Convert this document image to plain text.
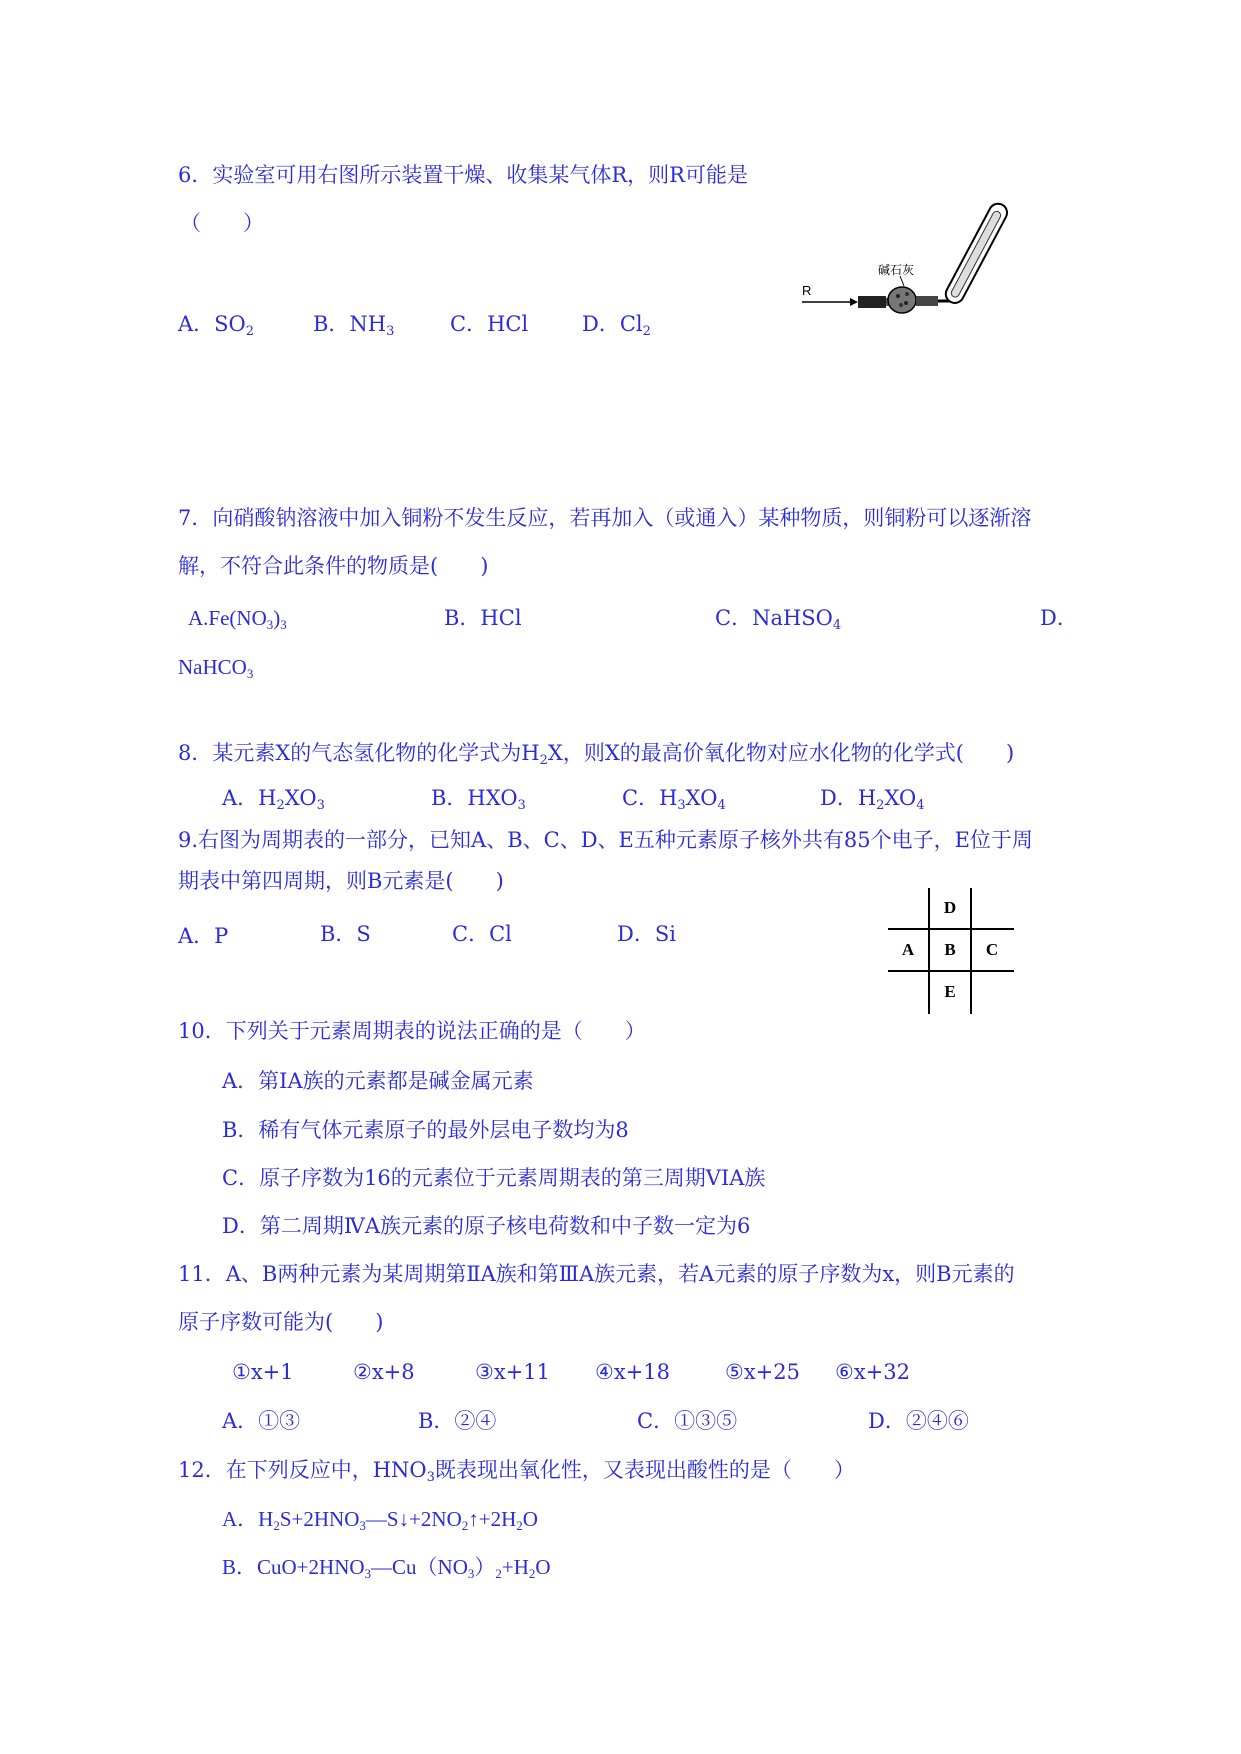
6．实验室可用右图所示装置干燥、收集某气体R，则R可能是
（　　）
A．$SO_2$	B．$NH_3$	C．HCl	D．$Cl_2$
R
碱石灰
7．向硝酸钠溶液中加入铜粉不发生反应，若再加入（或通入）某种物质，则铜粉可以逐渐溶
解，不符合此条件的物质是(　　)
$A.Fe(NO_3)_3$	B．HCl	C．NaHSO$_4$	D．
NaHCO$_3$
8．某元素X的气态氢化物的化学式为$H_2X$，则X的最高价氧化物对应水化物的化学式(　　)
A．$H_2XO_3$	B．$HXO_3$	C．$H_3XO_4$	D．$H_2XO_4$
9.右图为周期表的一部分，已知A、B、C、D、E五种元素原子核外共有85个电子，E位于周
期表中第四周期，则B元素是(　　)
A．P	B．S	C．Cl	D．Si
D
A	B	C
E
10．下列关于元素周期表的说法正确的是（　　）
A．第ⅠA族的元素都是碱金属元素
B．稀有气体元素原子的最外层电子数均为8
C．原子序数为16的元素位于元素周期表的第三周期VIA族
D．第二周期ⅣA族元素的原子核电荷数和中子数一定为6
11．A、B两种元素为某周期第ⅡA族和第ⅢA族元素，若A元素的原子序数为x，则B元素的
原子序数可能为(　　)
①x+1	②x+8	③x+11 ④x+18	⑤x+25 ⑥x+32
A．①③	B．②④	C．①③⑤	D．②④⑥
12．在下列反应中，$HNO_3$既表现出氧化性，又表现出酸性的是（　　）
A．$H_2S+2HNO_3—S↓+2NO_2↑+2H_2O$
B．$CuO+2HNO_3—Cu(NO_3)_2+H_2O$
